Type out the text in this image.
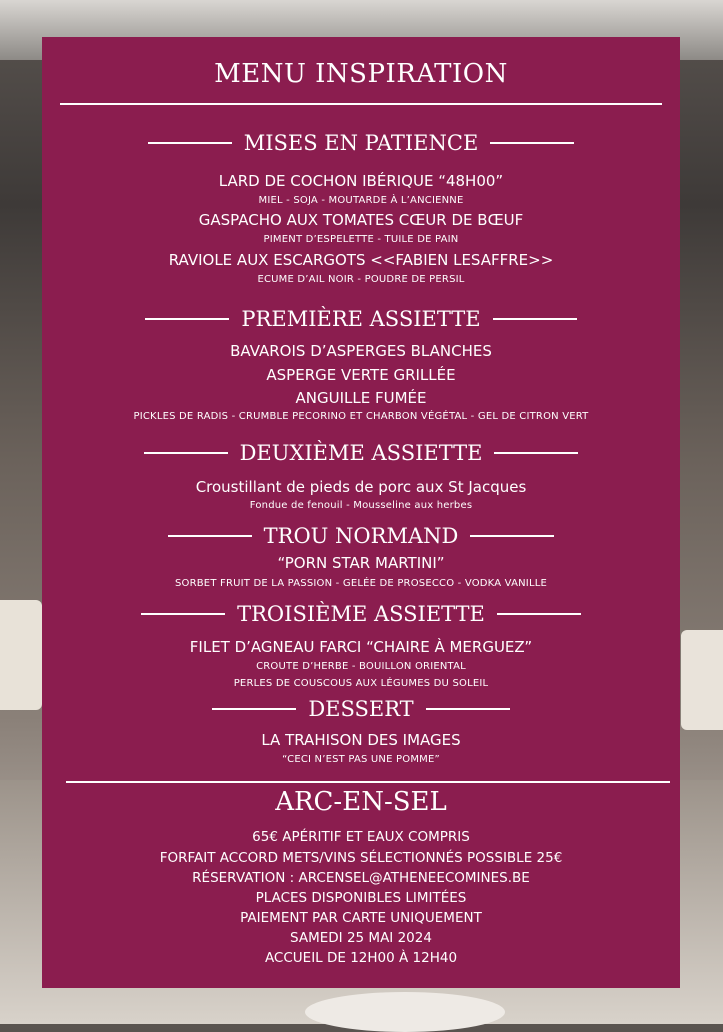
MENU INSPIRATION
MISES EN PATIENCE
LARD DE COCHON IBÉRIQUE “48H00”
MIEL - SOJA - MOUTARDE À L’ANCIENNE
GASPACHO AUX TOMATES CŒUR DE BŒUF
PIMENT D’ESPELETTE - TUILE DE PAIN
RAVIOLE AUX ESCARGOTS <<FABIEN LESAFFRE>>
ECUME D’AIL NOIR - POUDRE DE PERSIL
PREMIÈRE ASSIETTE
BAVAROIS D’ASPERGES BLANCHES
ASPERGE VERTE GRILLÉE
ANGUILLE FUMÉE
PICKLES DE RADIS - CRUMBLE PECORINO ET CHARBON VÉGÉTAL - GEL DE CITRON VERT
DEUXIÈME ASSIETTE
Croustillant de pieds de porc aux St Jacques
Fondue de fenouil - Mousseline aux herbes
TROU NORMAND
“PORN STAR MARTINI”
SORBET FRUIT DE LA PASSION - GELÉE DE PROSECCO - VODKA VANILLE
TROISIÈME ASSIETTE
FILET D’AGNEAU FARCI “CHAIRE À MERGUEZ”
CROUTE D’HERBE - BOUILLON ORIENTAL
PERLES DE COUSCOUS AUX LÉGUMES DU SOLEIL
DESSERT
LA TRAHISON DES IMAGES
“CECI N’EST PAS UNE POMME”
ARC-EN-SEL
65€ APÉRITIF ET EAUX COMPRIS
FORFAIT ACCORD METS/VINS SÉLECTIONNÉS POSSIBLE 25€
RÉSERVATION : ARCENSEL@ATHENEECOMINES.BE
PLACES DISPONIBLES LIMITÉES
PAIEMENT PAR CARTE UNIQUEMENT
SAMEDI 25 MAI 2024
ACCUEIL DE 12H00 À 12H40
